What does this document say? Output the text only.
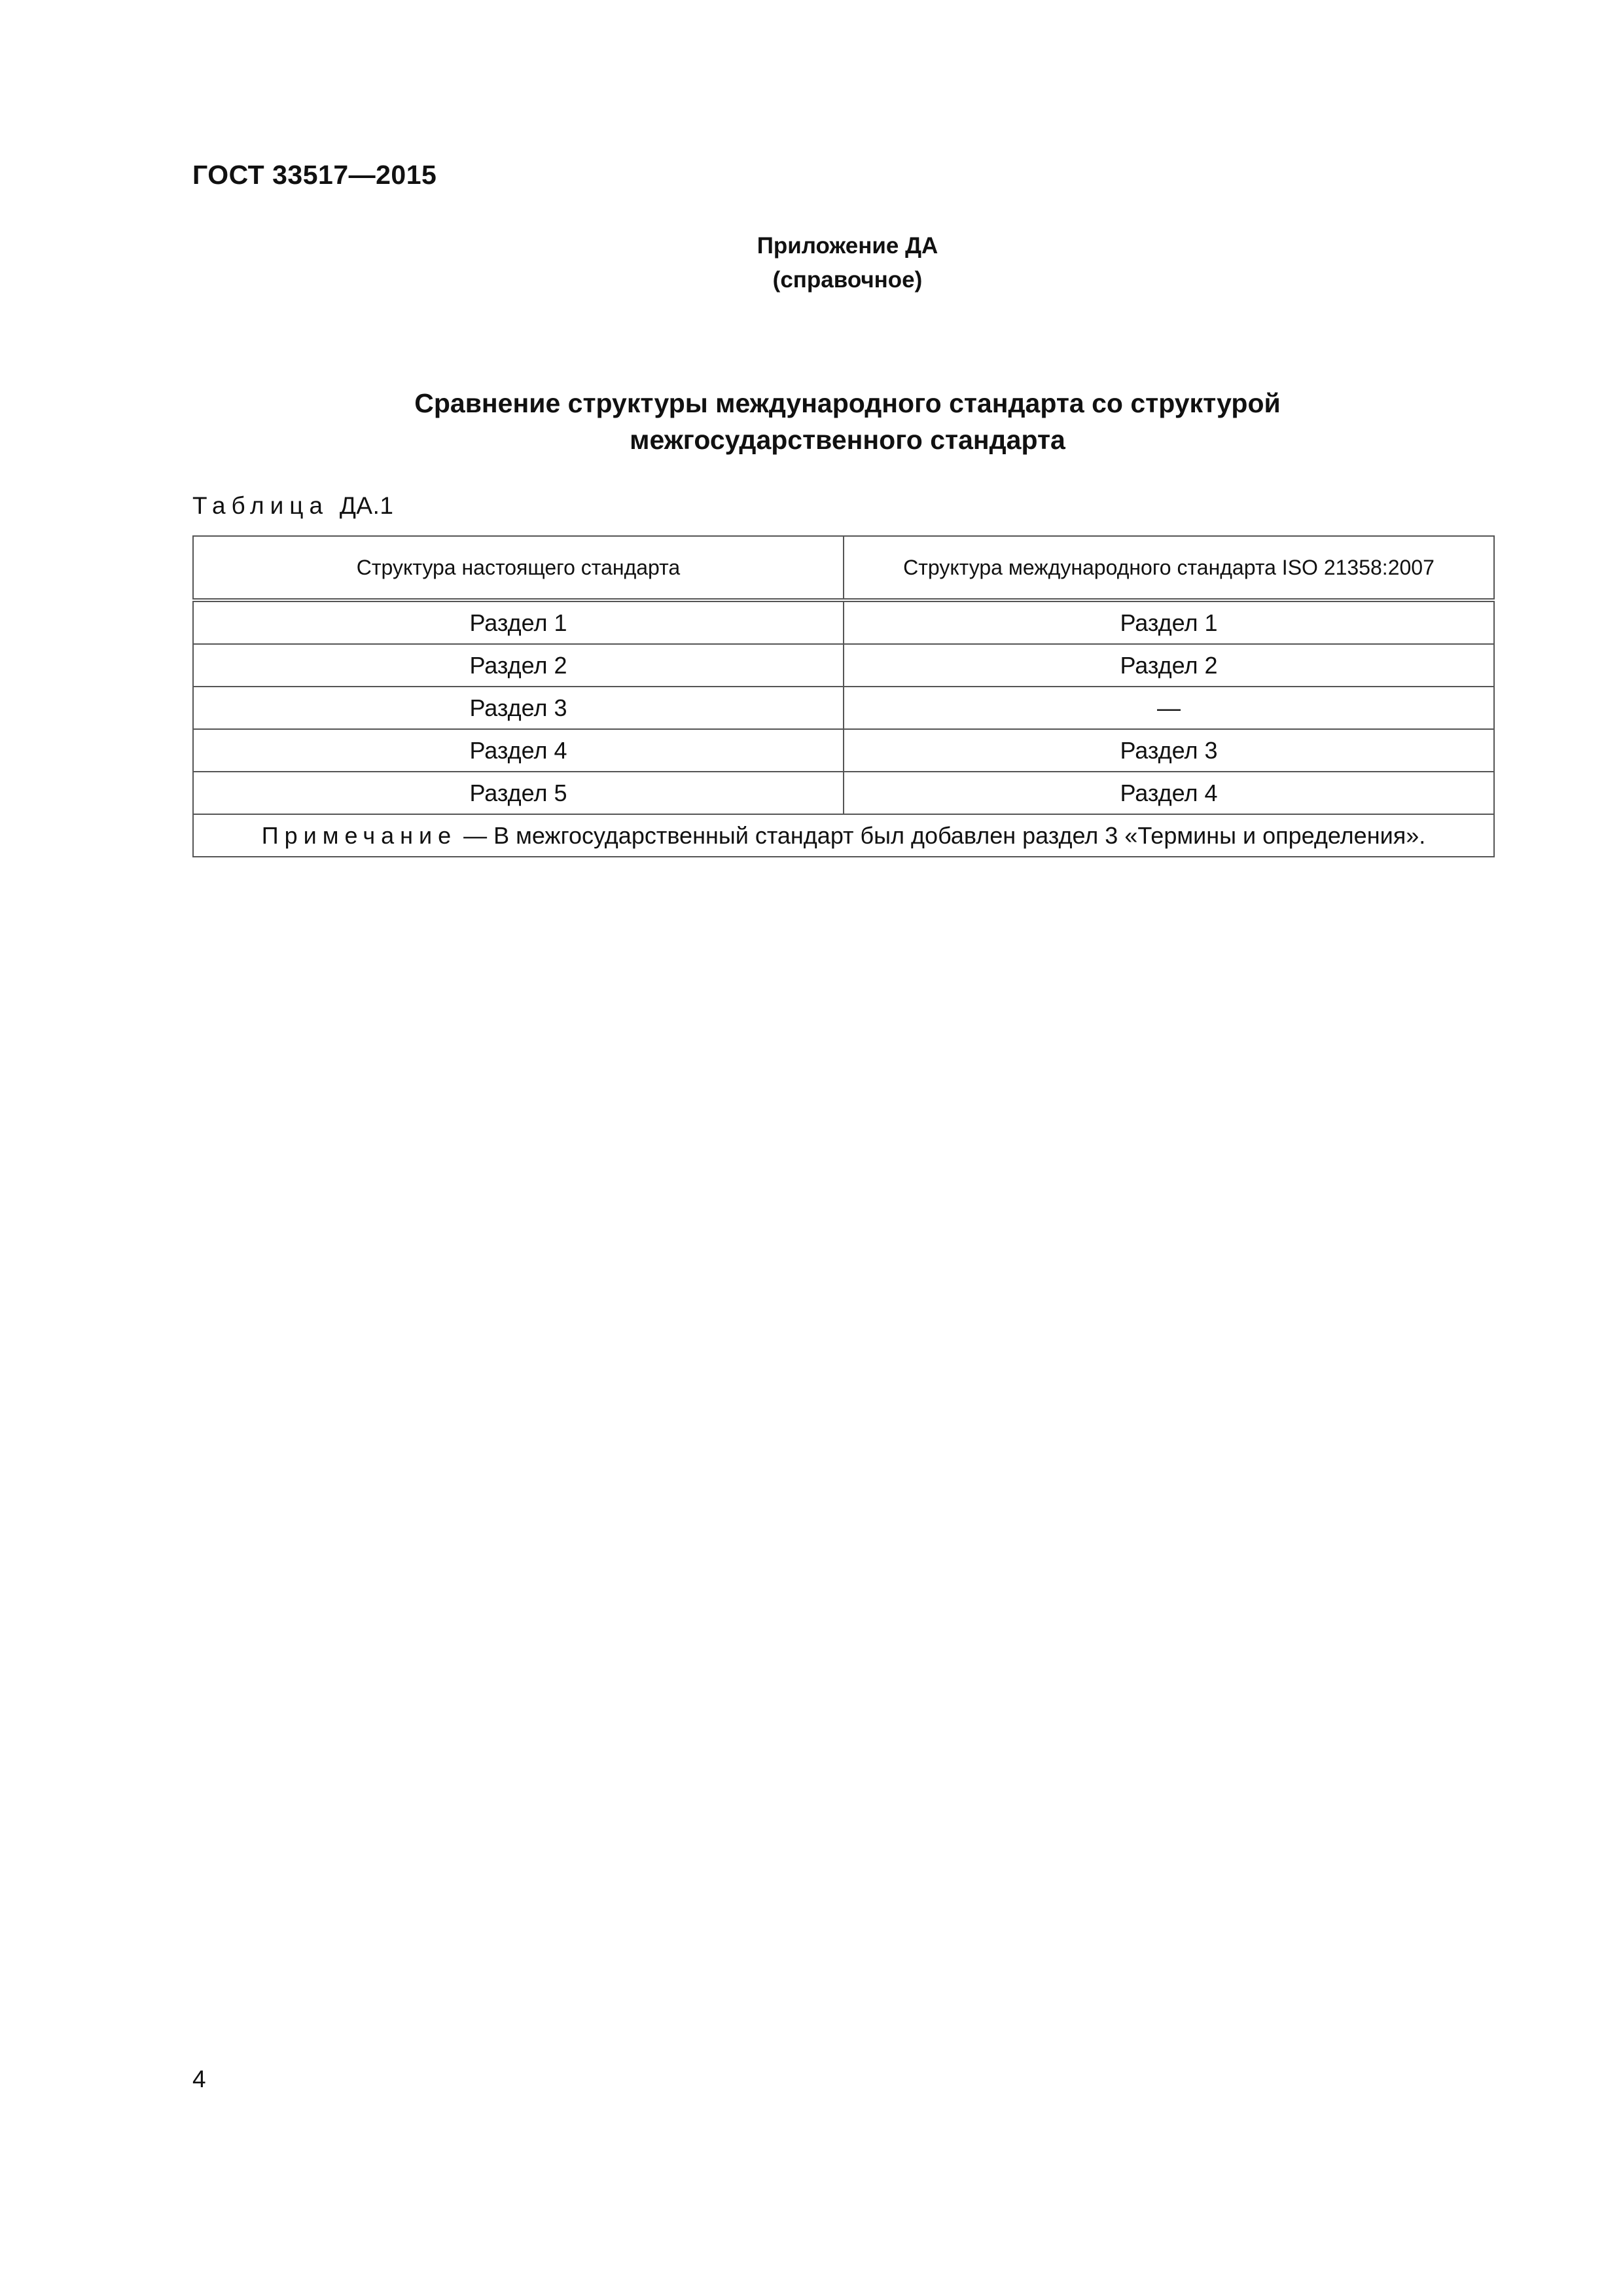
ГОСТ 33517—2015
Приложение ДА
(справочное)
Сравнение структуры международного стандарта со структурой
межгосударственного стандарта
Таблица ДА.1
Структура настоящего стандарта	Структура международного стандарта ISO 21358:2007
Раздел 1	Раздел 1
Раздел 2	Раздел 2
Раздел 3	—
Раздел 4	Раздел 3
Раздел 5	Раздел 4
Примечание — В межгосударственный стандарт был добавлен раздел 3 «Термины и определения».	
4
